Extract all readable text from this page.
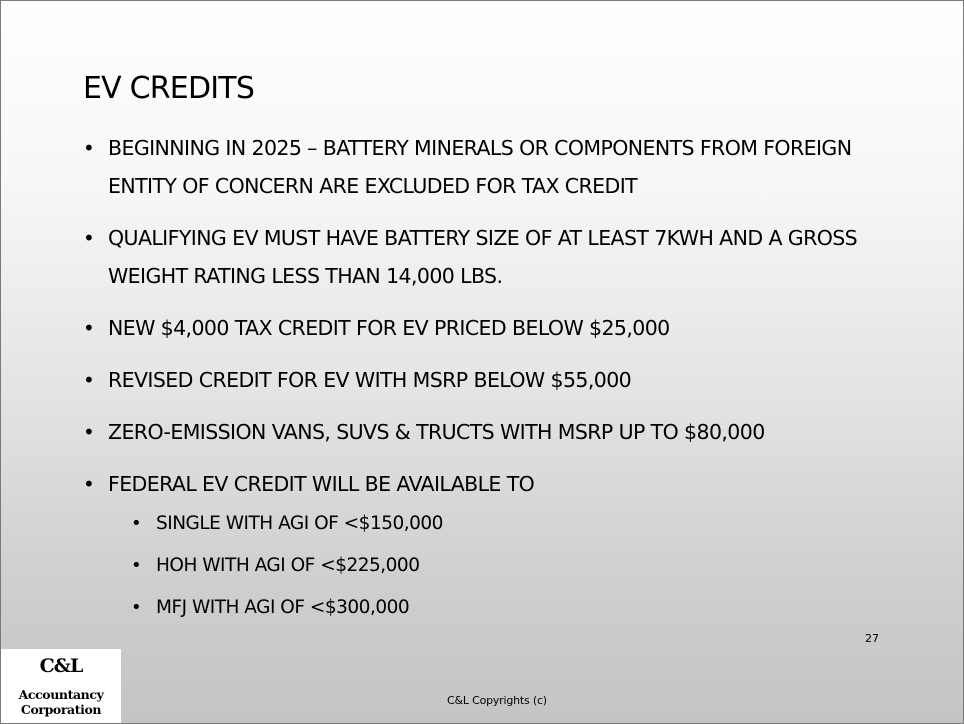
EV CREDITS
• BEGINNING IN 2025 – BATTERY MINERALS OR COMPONENTS FROM FOREIGN ENTITY OF CONCERN ARE EXCLUDED FOR TAX CREDIT
• QUALIFYING EV MUST HAVE BATTERY SIZE OF AT LEAST 7KWH AND A GROSS WEIGHT RATING LESS THAN 14,000 LBS.
• NEW $4,000 TAX CREDIT FOR EV PRICED BELOW $25,000
• REVISED CREDIT FOR EV WITH MSRP BELOW $55,000
• ZERO-EMISSION VANS, SUVS & TRUCTS WITH MSRP UP TO $80,000
• FEDERAL EV CREDIT WILL BE AVAILABLE TO
• SINGLE WITH AGI OF <$150,000
• HOH WITH AGI OF <$225,000
• MFJ WITH AGI OF <$300,000
27
C&L Copyrights (c)
C&L
Accountancy
Corporation
